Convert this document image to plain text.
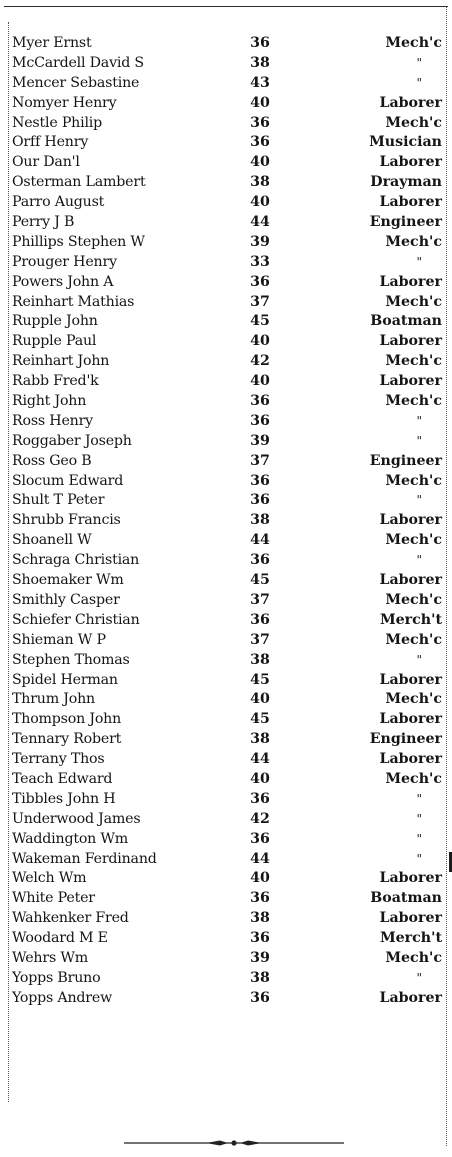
Myer Ernst	36	Mech'c
McCardell David S	38	"
Mencer Sebastine	43	"
Nomyer Henry	40	Laborer
Nestle Philip	36	Mech'c
Orff Henry	36	Musician
Our Dan'l	40	Laborer
Osterman Lambert	38	Drayman
Parro August	40	Laborer
Perry J B	44	Engineer
Phillips Stephen W	39	Mech'c
Prouger Henry	33	"
Powers John A	36	Laborer
Reinhart Mathias	37	Mech'c
Rupple John	45	Boatman
Rupple Paul	40	Laborer
Reinhart John	42	Mech'c
Rabb Fred'k	40	Laborer
Right John	36	Mech'c
Ross Henry	36	"
Roggaber Joseph	39	"
Ross Geo B	37	Engineer
Slocum Edward	36	Mech'c
Shult T Peter	36	"
Shrubb Francis	38	Laborer
Shoanell W	44	Mech'c
Schraga Christian	36	"
Shoemaker Wm	45	Laborer
Smithly Casper	37	Mech'c
Schiefer Christian	36	Merch't
Shieman W P	37	Mech'c
Stephen Thomas	38	"
Spidel Herman	45	Laborer
Thrum John	40	Mech'c
Thompson John	45	Laborer
Tennary Robert	38	Engineer
Terrany Thos	44	Laborer
Teach Edward	40	Mech'c
Tibbles John H	36	"
Underwood James	42	"
Waddington Wm	36	"
Wakeman Ferdinand	44	"
Welch Wm	40	Laborer
White Peter	36	Boatman
Wahkenker Fred	38	Laborer
Woodard M E	36	Merch't
Wehrs Wm	39	Mech'c
Yopps Bruno	38	"
Yopps Andrew	36	Laborer
